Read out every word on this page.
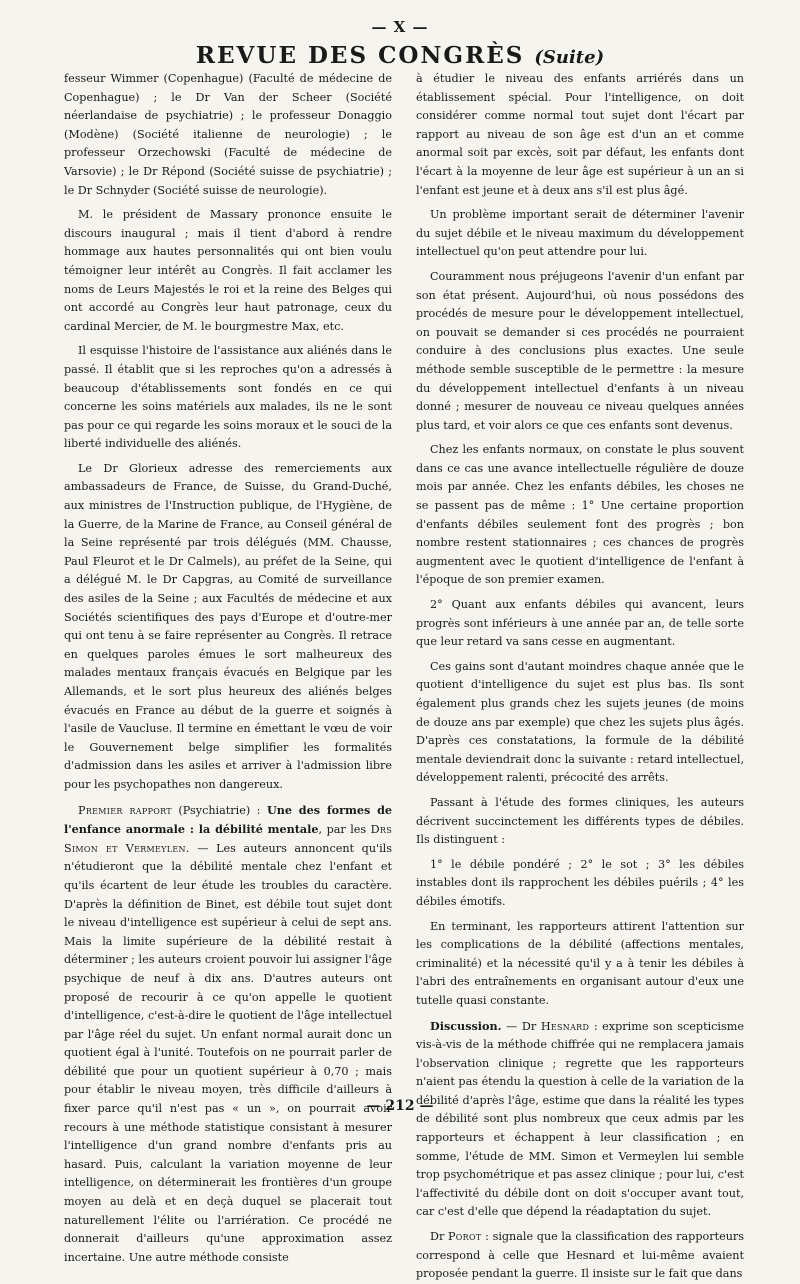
— X —
REVUE DES CONGRÈS (Suite)

fesseur Wimmer (Copenhague) (Faculté de médecine de Copenhague) ; le Dr Van der Scheer (Société néerlandaise de psychiatrie) ; le professeur Donaggio (Modène) (Société italienne de neurologie) ; le professeur Orzechowski (Faculté de médecine de Varsovie) ; le Dr Répond (Société suisse de psychiatrie) ; le Dr Schnyder (Société suisse de neurologie).

M. le président de Massary prononce ensuite le discours inaugural ; mais il tient d'abord à rendre hommage aux hautes personnalités qui ont bien voulu témoigner leur intérêt au Congrès. Il fait acclamer les noms de Leurs Majestés le roi et la reine des Belges qui ont accordé au Congrès leur haut patronage, ceux du cardinal Mercier, de M. le bourgmestre Max, etc.

Il esquisse l'histoire de l'assistance aux aliénés dans le passé. Il établit que si les reproches qu'on a adressés à beaucoup d'établissements sont fondés en ce qui concerne les soins matériels aux malades, ils ne le sont pas pour ce qui regarde les soins moraux et le souci de la liberté individuelle des aliénés.

Le Dr Glorieux adresse des remerciements aux ambassadeurs de France, de Suisse, du Grand-Duché, aux ministres de l'Instruction publique, de l'Hygiène, de la Guerre, de la Marine de France, au Conseil général de la Seine représenté par trois délégués (MM. Chausse, Paul Fleurot et le Dr Calmels), au préfet de la Seine, qui a délégué M. le Dr Capgras, au Comité de surveillance des asiles de la Seine ; aux Facultés de médecine et aux Sociétés scientifiques des pays d'Europe et d'outre-mer qui ont tenu à se faire représenter au Congrès. Il retrace en quelques paroles émues le sort malheureux des malades mentaux français évacués en Belgique par les Allemands, et le sort plus heureux des aliénés belges évacués en France au début de la guerre et soignés à l'asile de Vaucluse. Il termine en émettant le vœu de voir le Gouvernement belge simplifier les formalités d'admission dans les asiles et arriver à l'admission libre pour les psychopathes non dangereux.

Premier rapport (Psychiatrie) : Une des formes de l'enfance anormale : la débilité mentale, par les Drs Simon et Vermeylen. — Les auteurs annoncent qu'ils n'étudieront que la débilité mentale chez l'enfant et qu'ils écartent de leur étude les troubles du caractère. D'après la définition de Binet, est débile tout sujet dont le niveau d'intelligence est supérieur à celui de sept ans. Mais la limite supérieure de la débilité restait à déterminer ; les auteurs croient pouvoir lui assigner l'âge psychique de neuf à dix ans. D'autres auteurs ont proposé de recourir à ce qu'on appelle le quotient d'intelligence, c'est-à-dire le quotient de l'âge intellectuel par l'âge réel du sujet. Un enfant normal aurait donc un quotient égal à l'unité. Toutefois on ne pourrait parler de débilité que pour un quotient supérieur à 0,70 ; mais pour établir le niveau moyen, très difficile d'ailleurs à fixer parce qu'il n'est pas « un », on pourrait avoir recours à une méthode statistique consistant à mesurer l'intelligence d'un grand nombre d'enfants pris au hasard. Puis, calculant la variation moyenne de leur intelligence, on déterminerait les frontières d'un groupe moyen au delà et en deçà duquel se placerait tout naturellement l'élite ou l'arriération. Ce procédé ne donnerait d'ailleurs qu'une approximation assez incertaine. Une autre méthode consiste

à étudier le niveau des enfants arriérés dans un établissement spécial. Pour l'intelligence, on doit considérer comme normal tout sujet dont l'écart par rapport au niveau de son âge est d'un an et comme anormal soit par excès, soit par défaut, les enfants dont l'écart à la moyenne de leur âge est supérieur à un an si l'enfant est jeune et à deux ans s'il est plus âgé.

Un problème important serait de déterminer l'avenir du sujet débile et le niveau maximum du développement intellectuel qu'on peut attendre pour lui.

Couramment nous préjugeons l'avenir d'un enfant par son état présent. Aujourd'hui, où nous possédons des procédés de mesure pour le développement intellectuel, on pouvait se demander si ces procédés ne pourraient conduire à des conclusions plus exactes. Une seule méthode semble susceptible de le permettre : la mesure du développement intellectuel d'enfants à un niveau donné ; mesurer de nouveau ce niveau quelques années plus tard, et voir alors ce que ces enfants sont devenus.

Chez les enfants normaux, on constate le plus souvent dans ce cas une avance intellectuelle régulière de douze mois par année. Chez les enfants débiles, les choses ne se passent pas de même : 1° Une certaine proportion d'enfants débiles seulement font des progrès ; bon nombre restent stationnaires ; ces chances de progrès augmentent avec le quotient d'intelligence de l'enfant à l'époque de son premier examen.

2° Quant aux enfants débiles qui avancent, leurs progrès sont inférieurs à une année par an, de telle sorte que leur retard va sans cesse en augmentant.

Ces gains sont d'autant moindres chaque année que le quotient d'intelligence du sujet est plus bas. Ils sont également plus grands chez les sujets jeunes (de moins de douze ans par exemple) que chez les sujets plus âgés. D'après ces constatations, la formule de la débilité mentale deviendrait donc la suivante : retard intellectuel, développement ralenti, précocité des arrêts.

Passant à l'étude des formes cliniques, les auteurs décrivent succinctement les différents types de débiles. Ils distinguent :

1° le débile pondéré ; 2° le sot ; 3° les débiles instables dont ils rapprochent les débiles puérils ; 4° les débiles émotifs.

En terminant, les rapporteurs attirent l'attention sur les complications de la débilité (affections mentales, criminalité) et la nécessité qu'il y a à tenir les débiles à l'abri des entraînements en organisant autour d'eux une tutelle quasi constante.

Discussion. — Dr Hesnard : exprime son scepticisme vis-à-vis de la méthode chiffrée qui ne remplacera jamais l'observation clinique ; regrette que les rapporteurs n'aient pas étendu la question à celle de la variation de la débilité d'après l'âge, estime que dans la réalité les types de débilité sont plus nombreux que ceux admis par les rapporteurs et échappent à leur classification ; en somme, l'étude de MM. Simon et Vermeylen lui semble trop psychométrique et pas assez clinique ; pour lui, c'est l'affectivité du débile dont on doit s'occuper avant tout, car c'est d'elle que dépend la réadaptation du sujet.

Dr Porot : signale que la classification des rapporteurs correspond à celle que Hesnard et lui-même avaient proposée pendant la guerre. Il insiste sur le fait que dans

— 212 —
